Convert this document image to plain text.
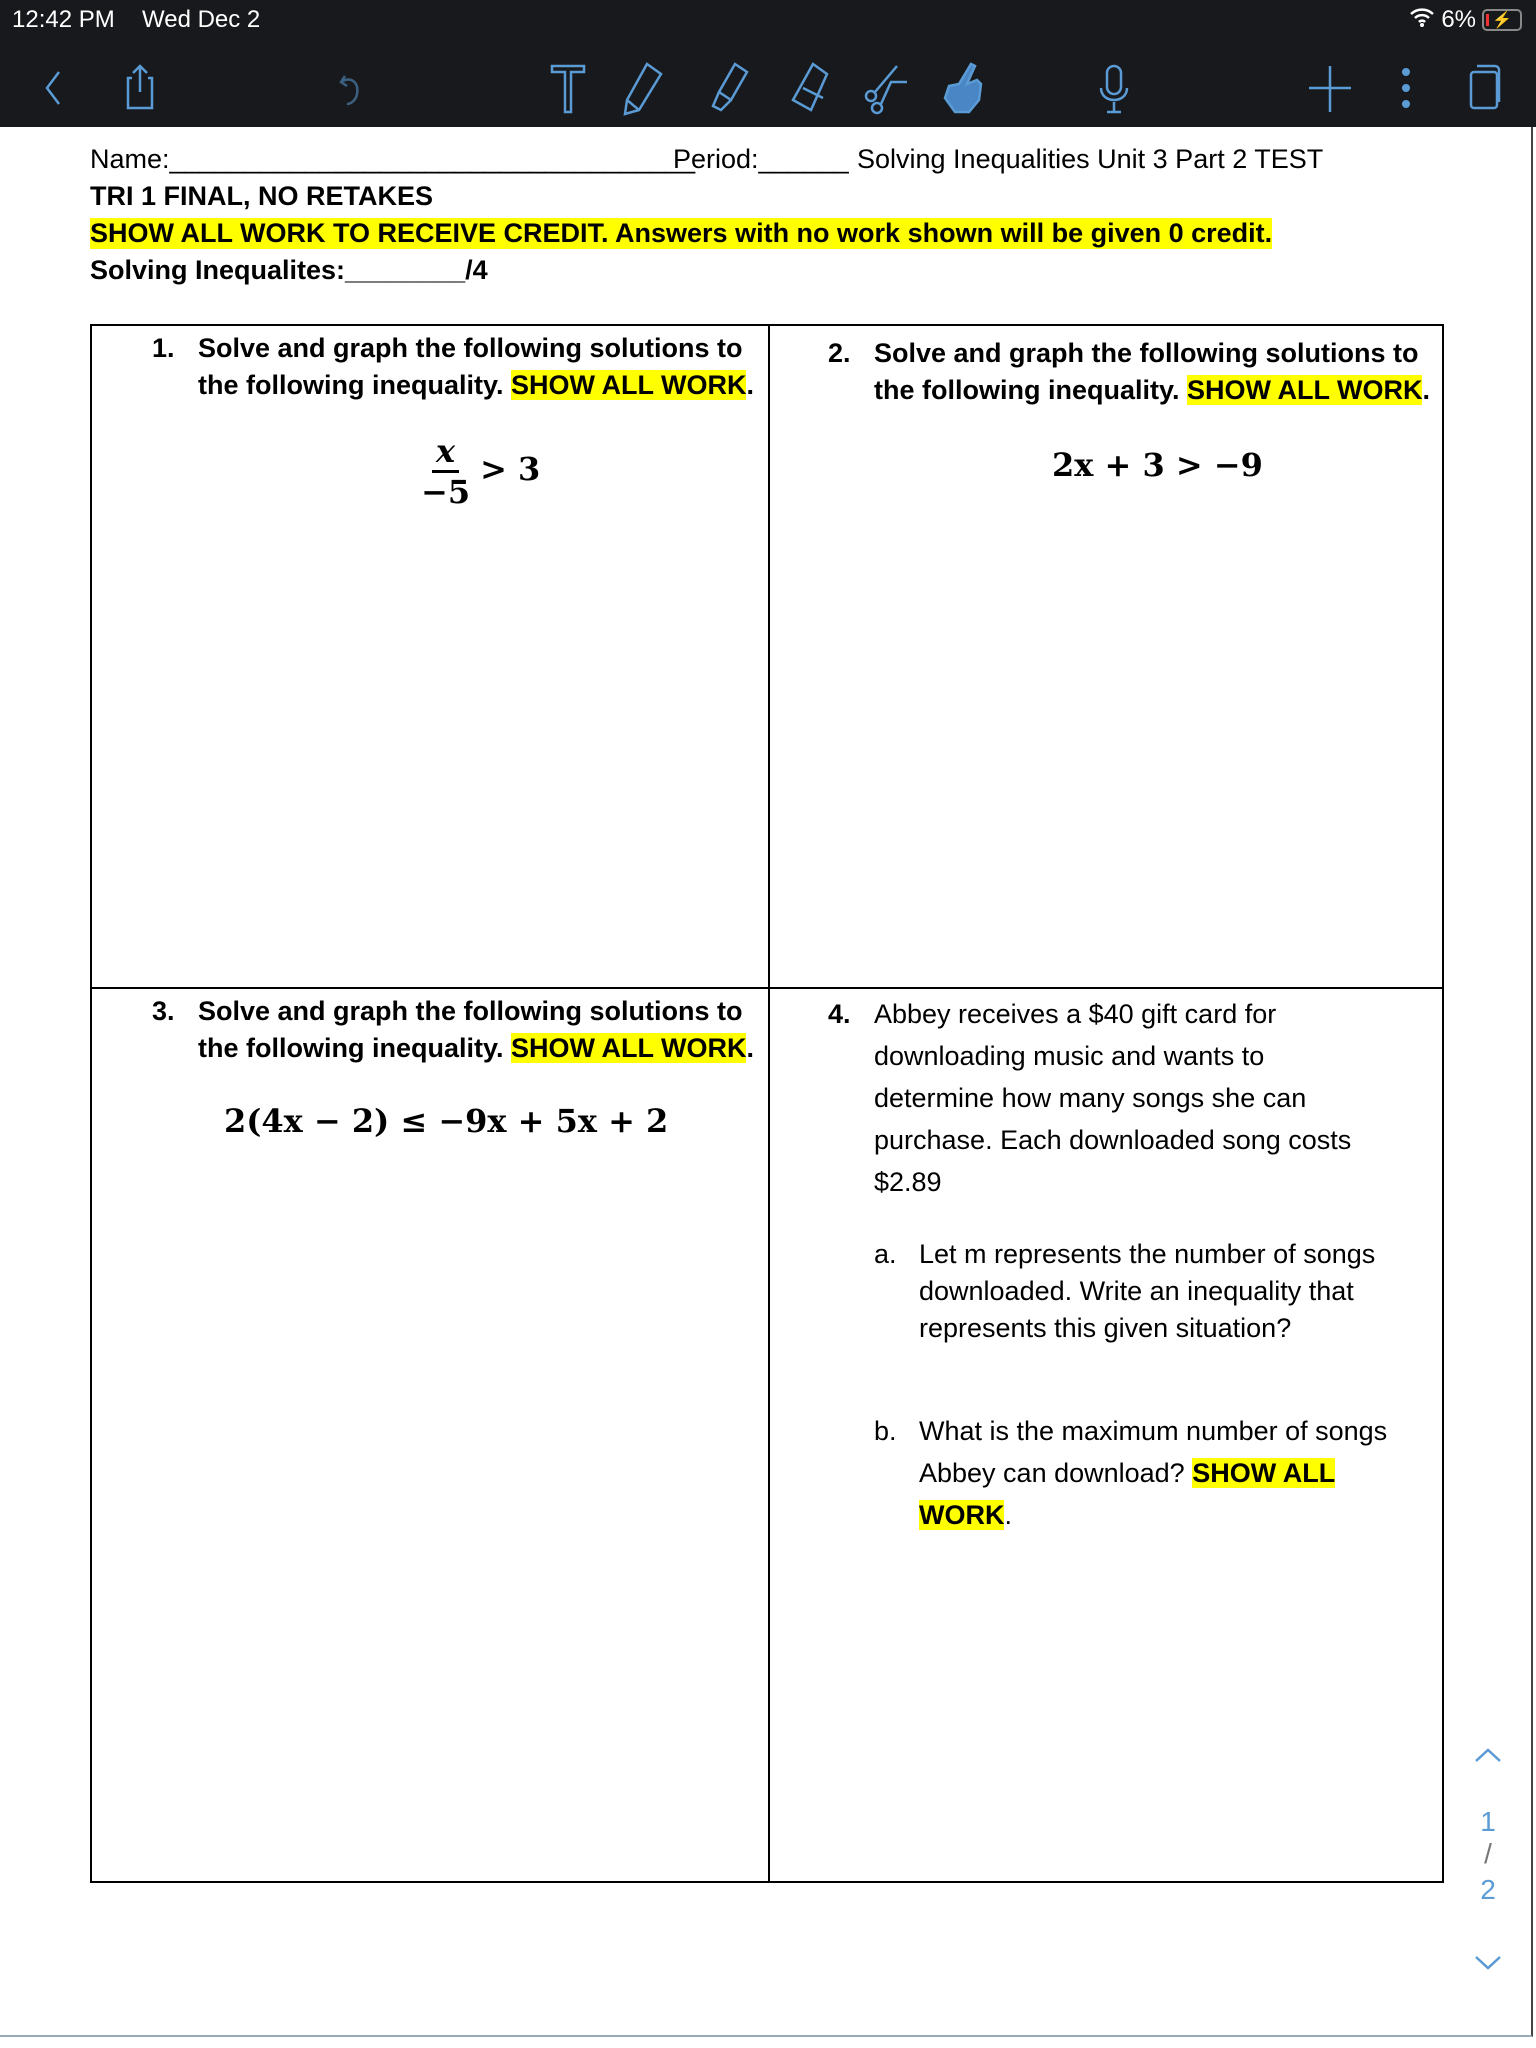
12:42 PM Wed Dec 2	6%	⚡
Name:___________________________________
Period:______ Solving Inequalities Unit 3 Part 2 TEST
TRI 1 FINAL, NO RETAKES
SHOW ALL WORK TO RECEIVE CREDIT. Answers with no work shown will be given 0 credit.
Solving Inequalites:________/4
1. Solve and graph the following solutions to
the following inequality. SHOW ALL WORK.
$\frac{x}{-5} > 3$
2. Solve and graph the following solutions to
the following inequality. SHOW ALL WORK.
2x + 3 > −9
3. Solve and graph the following solutions to
the following inequality. SHOW ALL WORK.
2(4x − 2) ≤ −9x + 5x + 2
4. Abbey receives a $40 gift card for
downloading music and wants to
determine how many songs she can
purchase. Each downloaded song costs
$2.89
a. Let m represents the number of songs
downloaded. Write an inequality that
represents this given situation?
b. What is the maximum number of songs
Abbey can download? SHOW ALL
WORK.
1
/
2
